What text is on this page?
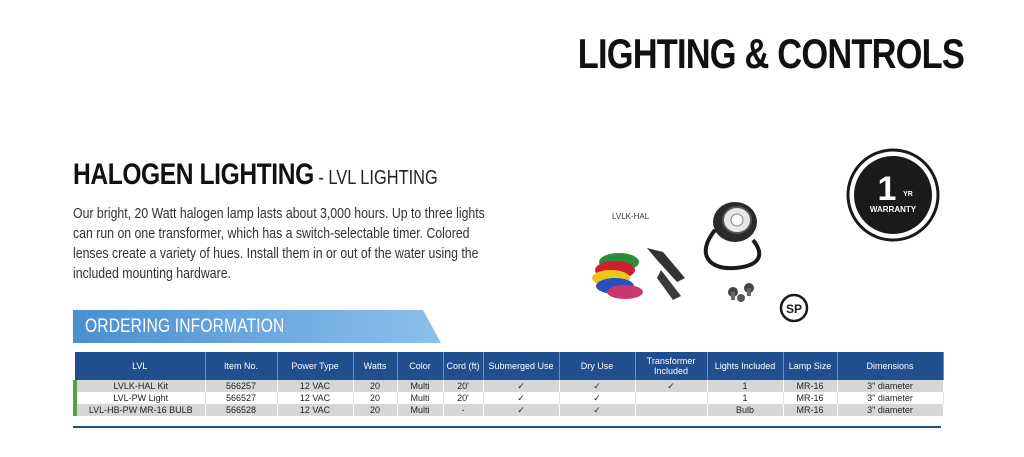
LIGHTING & CONTROLS
HALOGEN LIGHTING - LVL LIGHTING
Our bright, 20 Watt halogen lamp lasts about 3,000 hours. Up to three lights can run on one transformer, which has a switch-selectable timer. Colored lenses create a variety of hues. Install them in or out of the water using the included mounting hardware.
ORDERING INFORMATION
LVLK-HAL
1 YR
WARRANTY
SP
LVL	Item No.	Power Type	Watts	Color	Cord (ft)	Submerged Use	Dry Use	Transformer Included	Lights Included	Lamp Size	Dimensions
LVLK-HAL Kit	566257	12 VAC	20	Multi	20'	✓	✓	✓	1	MR-16	3" diameter
LVL-PW Light	566527	12 VAC	20	Multi	20'	✓	✓		1	MR-16	3" diameter
LVL-HB-PW MR-16 BULB	566528	12 VAC	20	Multi	-	✓	✓		Bulb	MR-16	3" diameter
